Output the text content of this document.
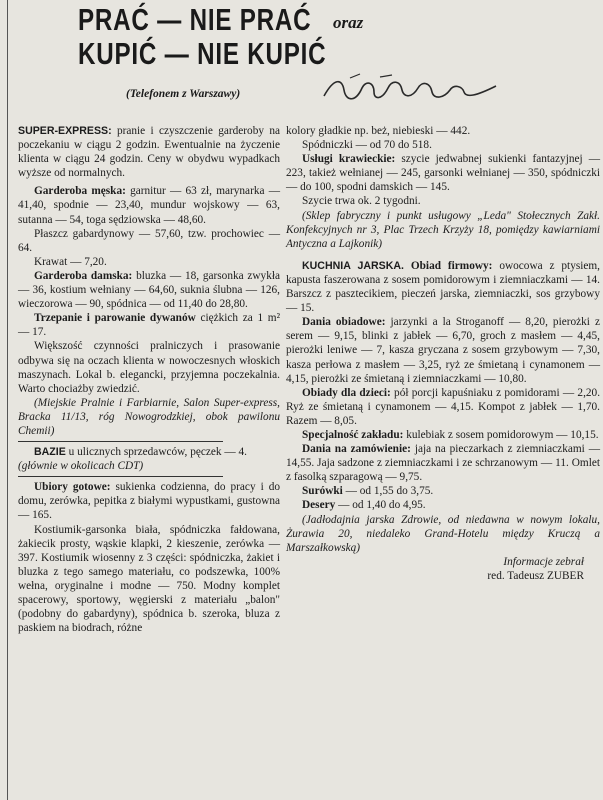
PRAĆ — NIE PRAĆ oraz
KUPIĆ — NIE KUPIĆ
(Telefonem z Warszawy)

SUPER-EXPRESS: pranie i czyszczenie garderoby na poczekaniu w ciągu 2 godzin. Ewentualnie na życzenie klienta w ciągu 24 godzin. Ceny w obydwu wypadkach wyższe od normalnych.

Garderoba męska: garnitur — 63 zł, marynarka — 41,40, spodnie — 23,40, mundur wojskowy — 63, sutanna — 54, toga sędziowska — 48,60.

Płaszcz gabardynowy — 57,60, tzw. prochowiec — 64.

Krawat — 7,20.

Garderoba damska: bluzka — 18, garsonka zwykła — 36, kostium wełniany — 64,60, suknia ślubna — 126, wieczorowa — 90, spódnica — od 11,40 do 28,80.

Trzepanie i parowanie dywanów ciężkich za 1 m² — 17.

Większość czynności pralniczych i prasowanie odbywa się na oczach klienta w nowoczesnych włoskich maszynach. Lokal b. elegancki, przyjemna poczekalnia. Warto chociażby zwiedzić.

(Miejskie Pralnie i Farbiarnie, Salon Super-express, Bracka 11/13, róg Nowogrodzkiej, obok pawilonu Chemii)

BAZIE u ulicznych sprzedawców, pęczek — 4.

(głównie w okolicach CDT)

Ubiory gotowe: sukienka codzienna, do pracy i do domu, zerówka, pepitka z białymi wypustkami, gustowna — 165.

Kostiumik-garsonka biała, spódniczka fałdowana, żakiecik prosty, wąskie klapki, 2 kieszenie, zerówka — 397. Kostiumik wiosenny z 3 części: spódniczka, żakiet i bluzka z tego samego materiału, co podszewka, 100% wełna, oryginalne i modne — 750. Modny komplet spacerowy, sportowy, węgierski z materiału „balon" (podobny do gabardyny), spódnica b. szeroka, bluza z paskiem na biodrach, różne

kolory gładkie np. beż, niebieski — 442.

Spódniczki — od 70 do 518.

Usługi krawieckie: szycie jedwabnej sukienki fantazyjnej — 223, takież wełnianej — 245, garsonki wełnianej — 350, spódniczki — do 100, spodni damskich — 145.

Szycie trwa ok. 2 tygodni.

(Sklep fabryczny i punkt usługowy „Leda" Stołecznych Zakł. Konfekcyjnych nr 3, Plac Trzech Krzyży 18, pomiędzy kawiarniami Antyczna a Lajkonik)

KUCHNIA JARSKA. Obiad firmowy: owocowa z ptysiem, kapusta faszerowana z sosem pomidorowym i ziemniaczkami — 14. Barszcz z pasztecikiem, pieczeń jarska, ziemniaczki, sos grzybowy — 15.

Dania obiadowe: jarzynki a la Stroganoff — 8,20, pierożki z serem — 9,15, blinki z jabłek — 6,70, groch z masłem — 4,45, pierożki leniwe — 7, kasza gryczana z sosem grzybowym — 7,30, kasza perłowa z masłem — 3,25, ryż ze śmietaną i cynamonem — 4,15, pierożki ze śmietaną i ziemniaczkami — 10,80.

Obiady dla dzieci: pół porcji kapuśniaku z pomidorami — 2,20. Ryż ze śmietaną i cynamonem — 4,15. Kompot z jabłek — 1,70. Razem — 8,05.

Specjalność zakładu: kulebiak z sosem pomidorowym — 10,15.

Dania na zamówienie: jaja na pieczarkach z ziemniaczkami — 14,55. Jaja sadzone z ziemniaczkami i ze schrzanowym — 11. Omlet z fasolką szparagową — 9,75.

Surówki — od 1,55 do 3,75.

Desery — od 1,40 do 4,95.

(Jadłodajnia jarska Zdrowie, od niedawna w nowym lokalu, Żurawia 20, niedaleko Grand-Hotelu między Kruczą a Marszałkowską)

Informacje zebrał

red. Tadeusz ZUBER
